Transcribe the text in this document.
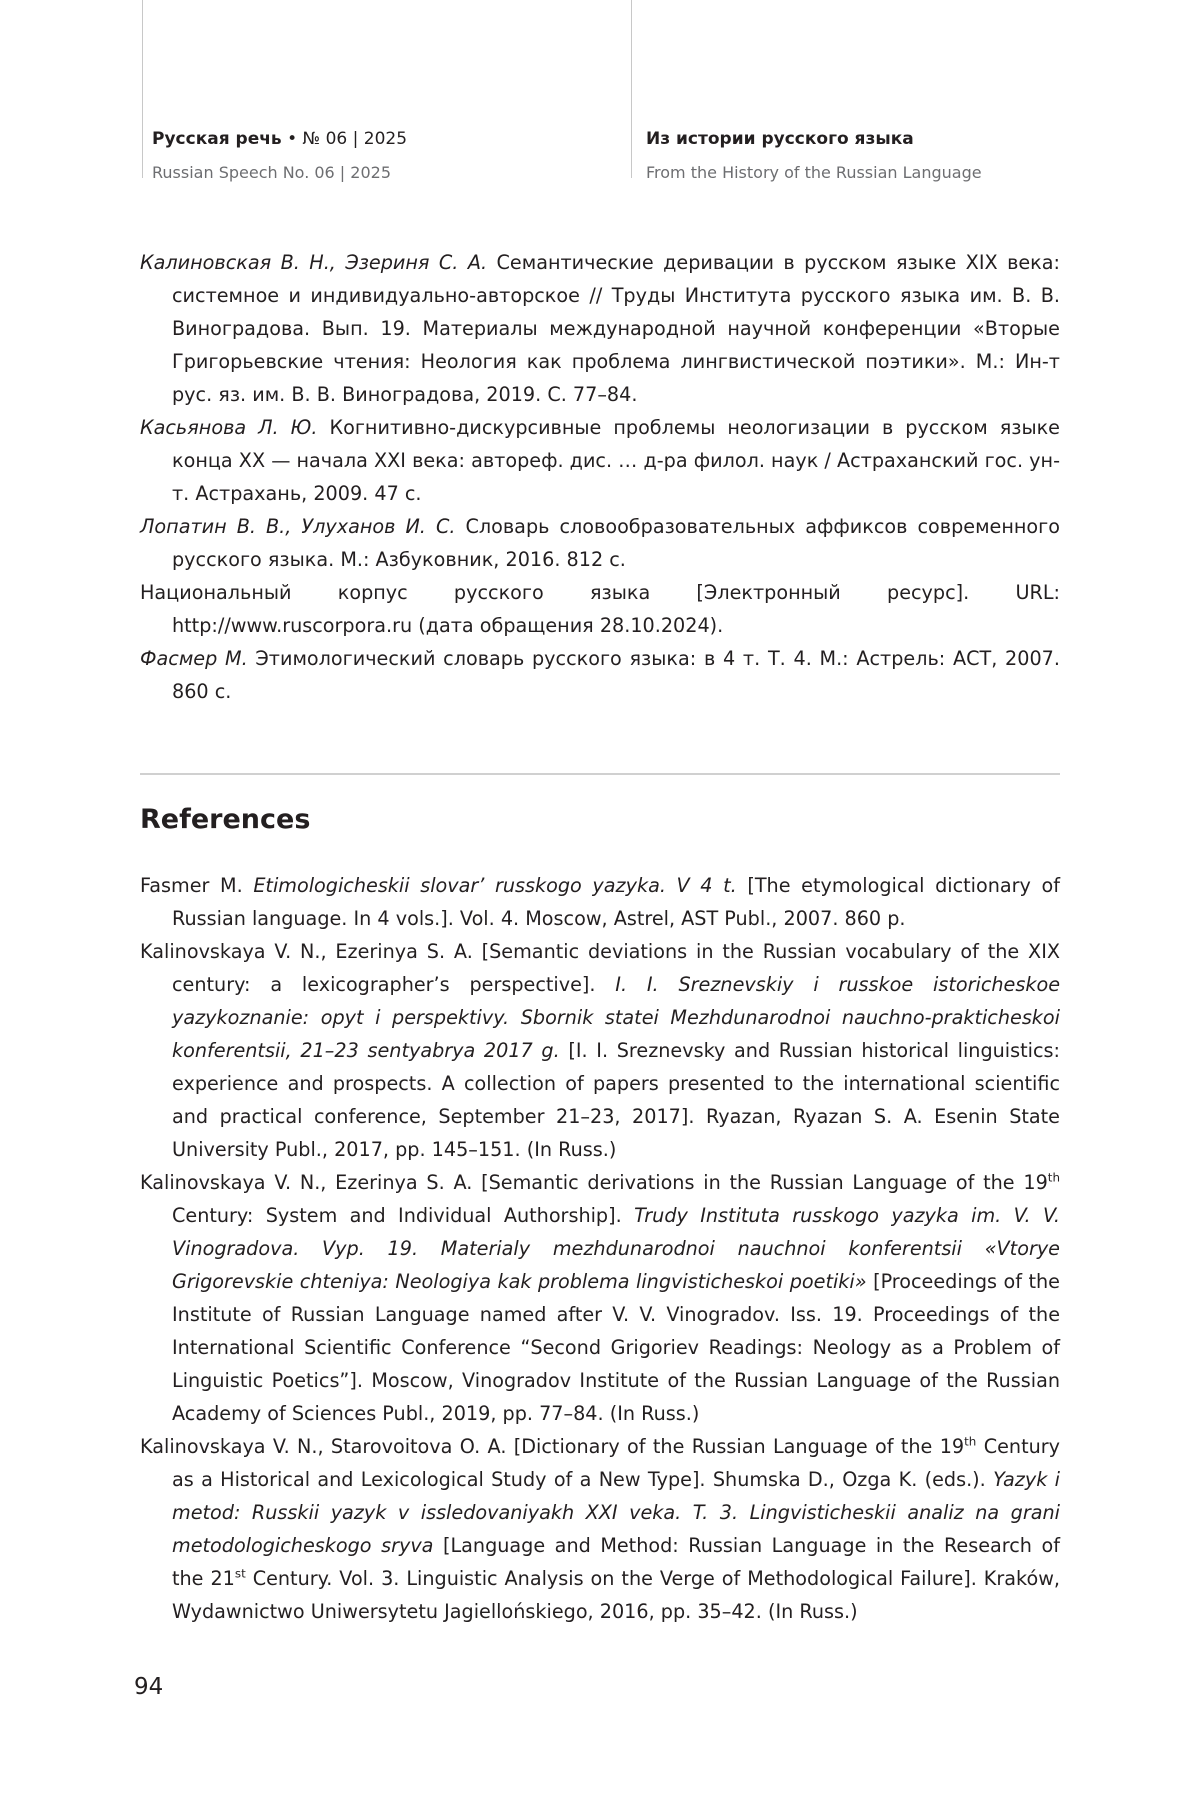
Русская речь • № 06 | 2025
Russian Speech No. 06 | 2025
Из истории русского языка
From the History of the Russian Language

Калиновская В. Н., Эзериня С. А. Семантические деривации в русском языке XIX века: системное и индивидуально-авторское // Труды Института русского языка им. В. В. Виноградова. Вып. 19. Материалы международной научной конференции «Вторые Григорьевские чтения: Неология как проблема лингвистической поэтики». М.: Ин-т рус. яз. им. В. В. Виноградова, 2019. С. 77–84.

Касьянова Л. Ю. Когнитивно-дискурсивные проблемы неологизации в русском языке конца XX — начала XXI века: автореф. дис. … д-ра филол. наук / Астраханский гос. ун-т. Астрахань, 2009. 47 с.

Лопатин В. В., Улуханов И. С. Словарь словообразовательных аффиксов современного русского языка. М.: Азбуковник, 2016. 812 с.

Национальный корпус русского языка [Электронный ресурс]. URL: http://www.ruscorpora.ru (дата обращения 28.10.2024).

Фасмер М. Этимологический словарь русского языка: в 4 т. Т. 4. М.: Астрель: АСТ, 2007. 860 с.

References

Fasmer M. Etimologicheskii slovar’ russkogo yazyka. V 4 t. [The etymological dictionary of Russian language. In 4 vols.]. Vol. 4. Moscow, Astrel, AST Publ., 2007. 860 p.

Kalinovskaya V. N., Ezerinya S. A. [Semantic deviations in the Russian vocabulary of the XIX century: a lexicographer’s perspective]. I. I. Sreznevskiy i russkoe istoricheskoe yazykoznanie: opyt i perspektivy. Sbornik statei Mezhdunarodnoi nauchno-prakticheskoi konferentsii, 21–23 sentyabrya 2017 g. [I. I. Sreznevsky and Russian historical linguistics: experience and prospects. A collection of papers presented to the international scientific and practical conference, September 21–23, 2017]. Ryazan, Ryazan S. A. Esenin State University Publ., 2017, pp. 145–151. (In Russ.)

Kalinovskaya V. N., Ezerinya S. A. [Semantic derivations in the Russian Language of the 19th Century: System and Individual Authorship]. Trudy Instituta russkogo yazyka im. V. V. Vinogradova. Vyp. 19. Materialy mezhdunarodnoi nauchnoi konferentsii «Vtorye Grigorevskie chteniya: Neologiya kak problema lingvisticheskoi poetiki» [Proceedings of the Institute of Russian Language named after V. V. Vinogradov. Iss. 19. Proceedings of the International Scientific Conference “Second Grigoriev Readings: Neology as a Problem of Linguistic Poetics”]. Moscow, Vinogradov Institute of the Russian Language of the Russian Academy of Sciences Publ., 2019, pp. 77–84. (In Russ.)

Kalinovskaya V. N., Starovoitova O. A. [Dictionary of the Russian Language of the 19th Century as a Historical and Lexicological Study of a New Type]. Shumska D., Ozga K. (eds.). Yazyk i metod: Russkii yazyk v issledovaniyakh XXI veka. T. 3. Lingvisticheskii analiz na grani metodologicheskogo sryva [Language and Method: Russian Language in the Research of the 21st Century. Vol. 3. Linguistic Analysis on the Verge of Methodological Failure]. Kraków, Wydawnictwo Uniwersytetu Jagiellońskiego, 2016, pp. 35–42. (In Russ.)

94
